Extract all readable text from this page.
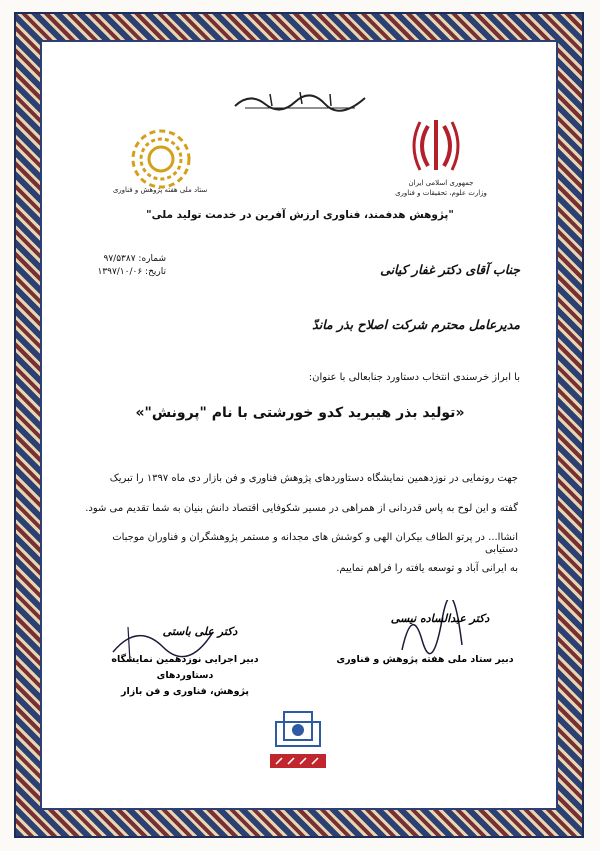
جمهوری اسلامی ایران
وزارت علوم، تحقیقات و فناوری
ستاد ملی هفته پژوهش و فناوری
"پژوهش هدفمند، فناوری ارزش آفرین در خدمت تولید ملی"
شماره: ۹۷/۵۳۸۷
تاریخ: ۱۳۹۷/۱۰/۰۶	جناب آقای دکتر غفار کیانی
مدیرعامل محترم شرکت اصلاح بذر ماندّ
با ابراز خرسندی انتخاب دستاورد جنابعالی با عنوان:
«تولید بذر هیبرید کدو خورشتی با نام "پرونش"»
جهت رونمایی در نوزدهمین نمایشگاه دستاوردهای پژوهش فناوری و فن بازار دی ماه ۱۳۹۷ را تبریک
گفته و این لوح به پاس قدردانی از همراهی در مسیر شکوفایی اقتصاد دانش بنیان به شما تقدیم می شود.
انشاا... در پرتو الطاف بیکران الهی و کوشش های مجدانه و مستمر پژوهشگران و فناوران موجبات دستیابی
به ایرانی آباد و توسعه یافته را فراهم نماییم.
دکتر عبدالساده نیسی
دبیر ستاد ملی هفته پژوهش و فناوری
دکتر علی باستی
دبیر اجرایی نوزدهمین نمایشگاه دستاوردهای
پژوهش، فناوری و فن بازار
